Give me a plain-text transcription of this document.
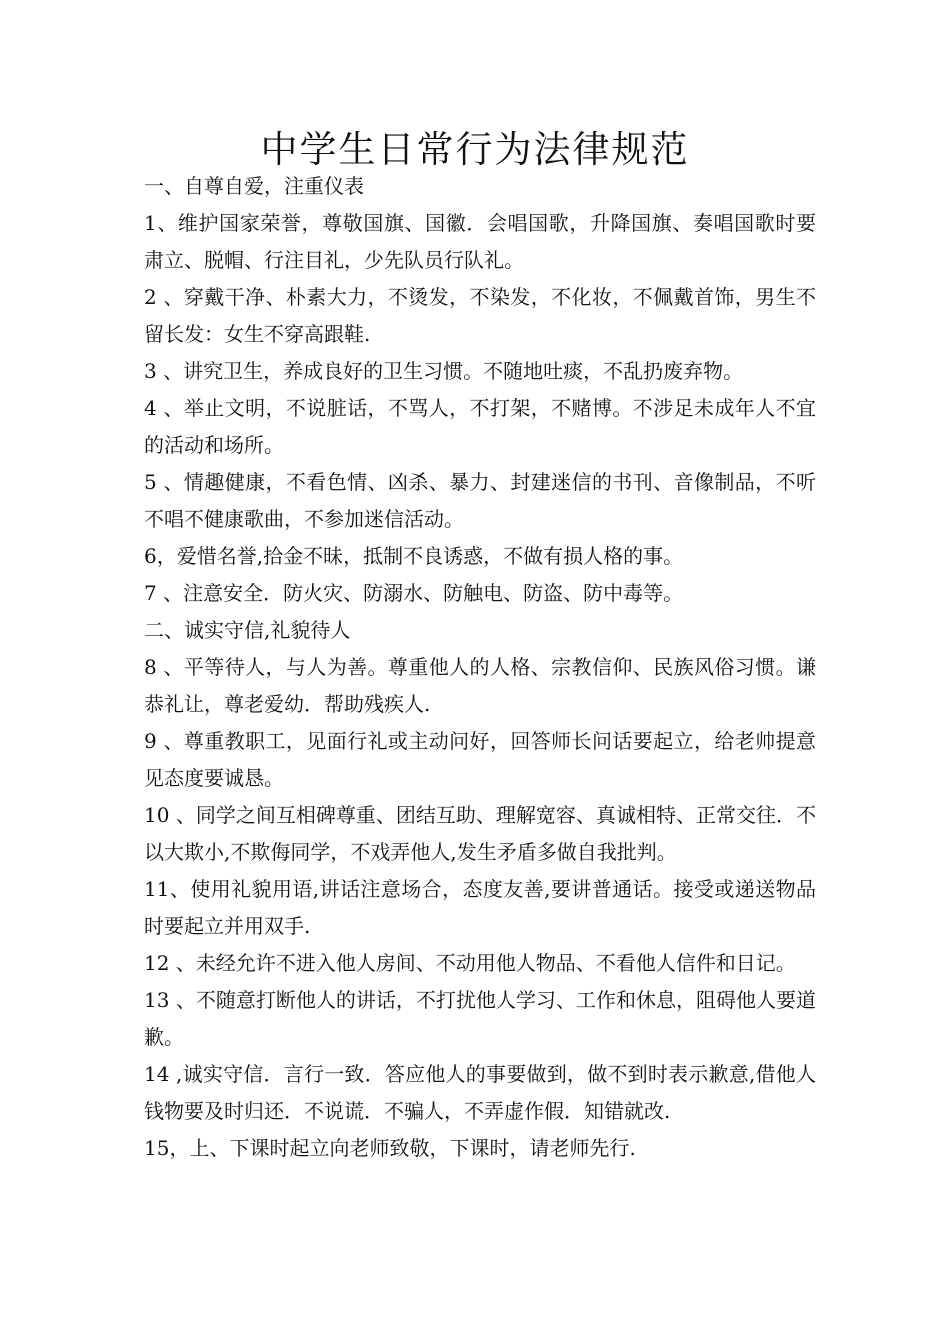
中学生日常行为法律规范

一、自尊自爱，注重仪表

1、维护国家荣誉，尊敬国旗、国徽．会唱国歌，升降国旗、奏唱国歌时要肃立、脱帽、行注目礼，少先队员行队礼。

2 、穿戴干净、朴素大力，不烫发，不染发，不化妆，不佩戴首饰，男生不留长发：女生不穿高跟鞋.

3 、讲究卫生，养成良好的卫生习惯。不随地吐痰，不乱扔废弃物。

4 、举止文明，不说脏话，不骂人，不打架，不赌博。不涉足未成年人不宜的活动和场所。

5 、情趣健康，不看色情、凶杀、暴力、封建迷信的书刊、音像制品，不听不唱不健康歌曲，不参加迷信活动。

6，爱惜名誉,拾金不昧，抵制不良诱惑，不做有损人格的事。

7 、注意安全．防火灾、防溺水、防触电、防盗、防中毒等。

二、诚实守信,礼貌待人

8 、平等待人，与人为善。尊重他人的人格、宗教信仰、民族风俗习惯。谦恭礼让，尊老爱幼．帮助残疾人.

9 、尊重教职工，见面行礼或主动问好，回答师长问话要起立，给老帅提意见态度要诚恳。

10 、同学之间互相碑尊重、团结互助、理解宽容、真诚相特、正常交往．不以大欺小,不欺侮同学，不戏弄他人,发生矛盾多做自我批判。

11、使用礼貌用语,讲话注意场合，态度友善,要讲普通话。接受或递送物品时要起立并用双手.

12 、未经允许不进入他人房间、不动用他人物品、不看他人信件和日记。

13 、不随意打断他人的讲话，不打扰他人学习、工作和休息，阻碍他人要道歉。

14 ,诚实守信．言行一致．答应他人的事要做到，做不到时表示歉意,借他人钱物要及时归还．不说谎．不骗人，不弄虚作假．知错就改.

15，上、下课时起立向老师致敬，下课时，请老师先行.
